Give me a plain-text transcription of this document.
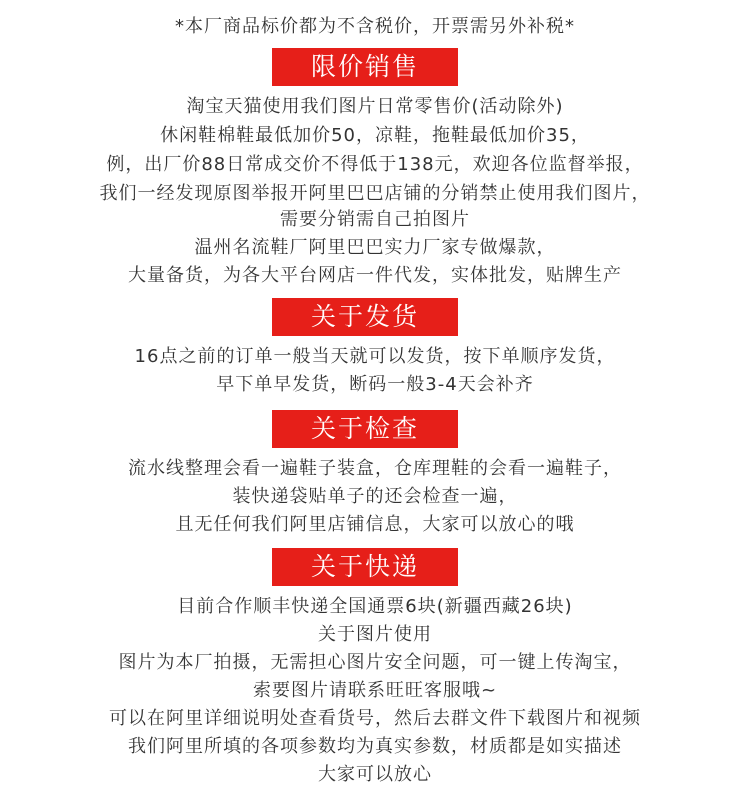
*本厂商品标价都为不含税价，开票需另外补税*
限价销售
淘宝天猫使用我们图片日常零售价(活动除外)
休闲鞋棉鞋最低加价50，凉鞋，拖鞋最低加价35，
例，出厂价88日常成交价不得低于138元，欢迎各位监督举报，
我们一经发现原图举报开阿里巴巴店铺的分销禁止使用我们图片，
需要分销需自己拍图片
温州名流鞋厂阿里巴巴实力厂家专做爆款，
大量备货，为各大平台网店一件代发，实体批发，贴牌生产
关于发货
16点之前的订单一般当天就可以发货，按下单顺序发货，
早下单早发货，断码一般3-4天会补齐
关于检查
流水线整理会看一遍鞋子装盒，仓库理鞋的会看一遍鞋子，
装快递袋贴单子的还会检查一遍，
且无任何我们阿里店铺信息，大家可以放心的哦
关于快递
目前合作顺丰快递全国通票6块(新疆西藏26块)
关于图片使用
图片为本厂拍摄，无需担心图片安全问题，可一键上传淘宝，
索要图片请联系旺旺客服哦~
可以在阿里详细说明处查看货号，然后去群文件下载图片和视频
我们阿里所填的各项参数均为真实参数，材质都是如实描述
大家可以放心
